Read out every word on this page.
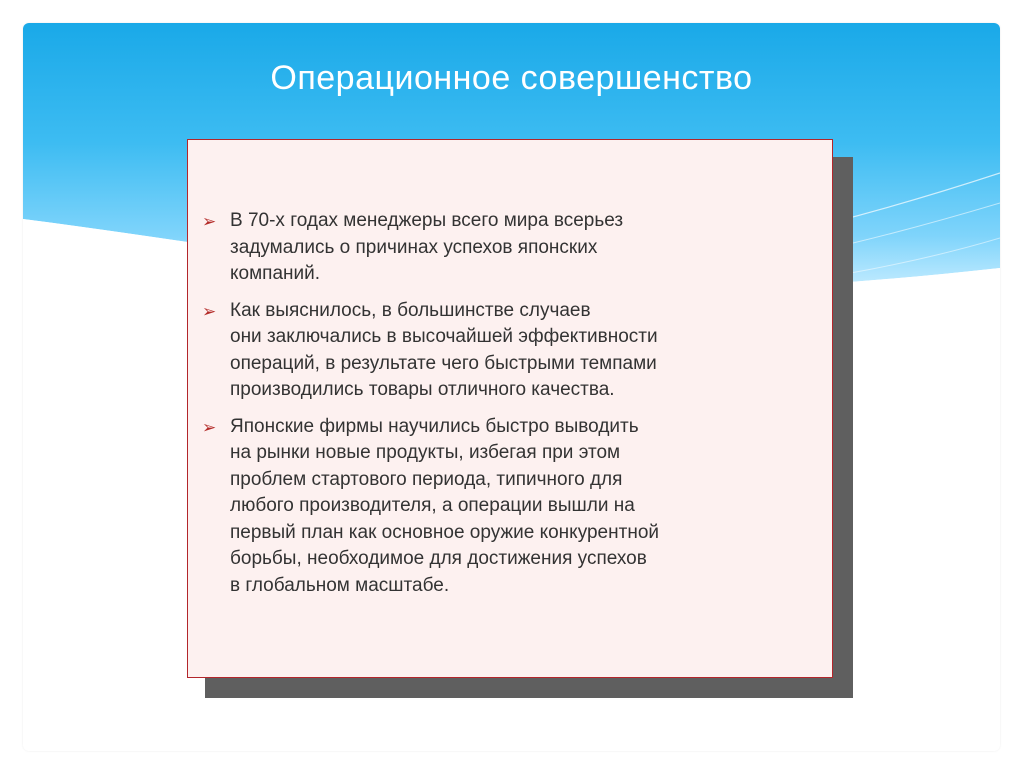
Операционное совершенство
➢ В 70-х годах менеджеры всего мира всерьез
задумались о причинах успехов японских
компаний.
➢ Как выяснилось, в большинстве случаев
они заключались в высочайшей эффективности
операций, в результате чего быстрыми темпами
производились товары отличного качества.
➢ Японские фирмы научились быстро выводить
на рынки новые продукты, избегая при этом
проблем стартового периода, типичного для
любого производителя, а операции вышли на
первый план как основное оружие конкурентной
борьбы, необходимое для достижения успехов
в глобальном масштабе.
